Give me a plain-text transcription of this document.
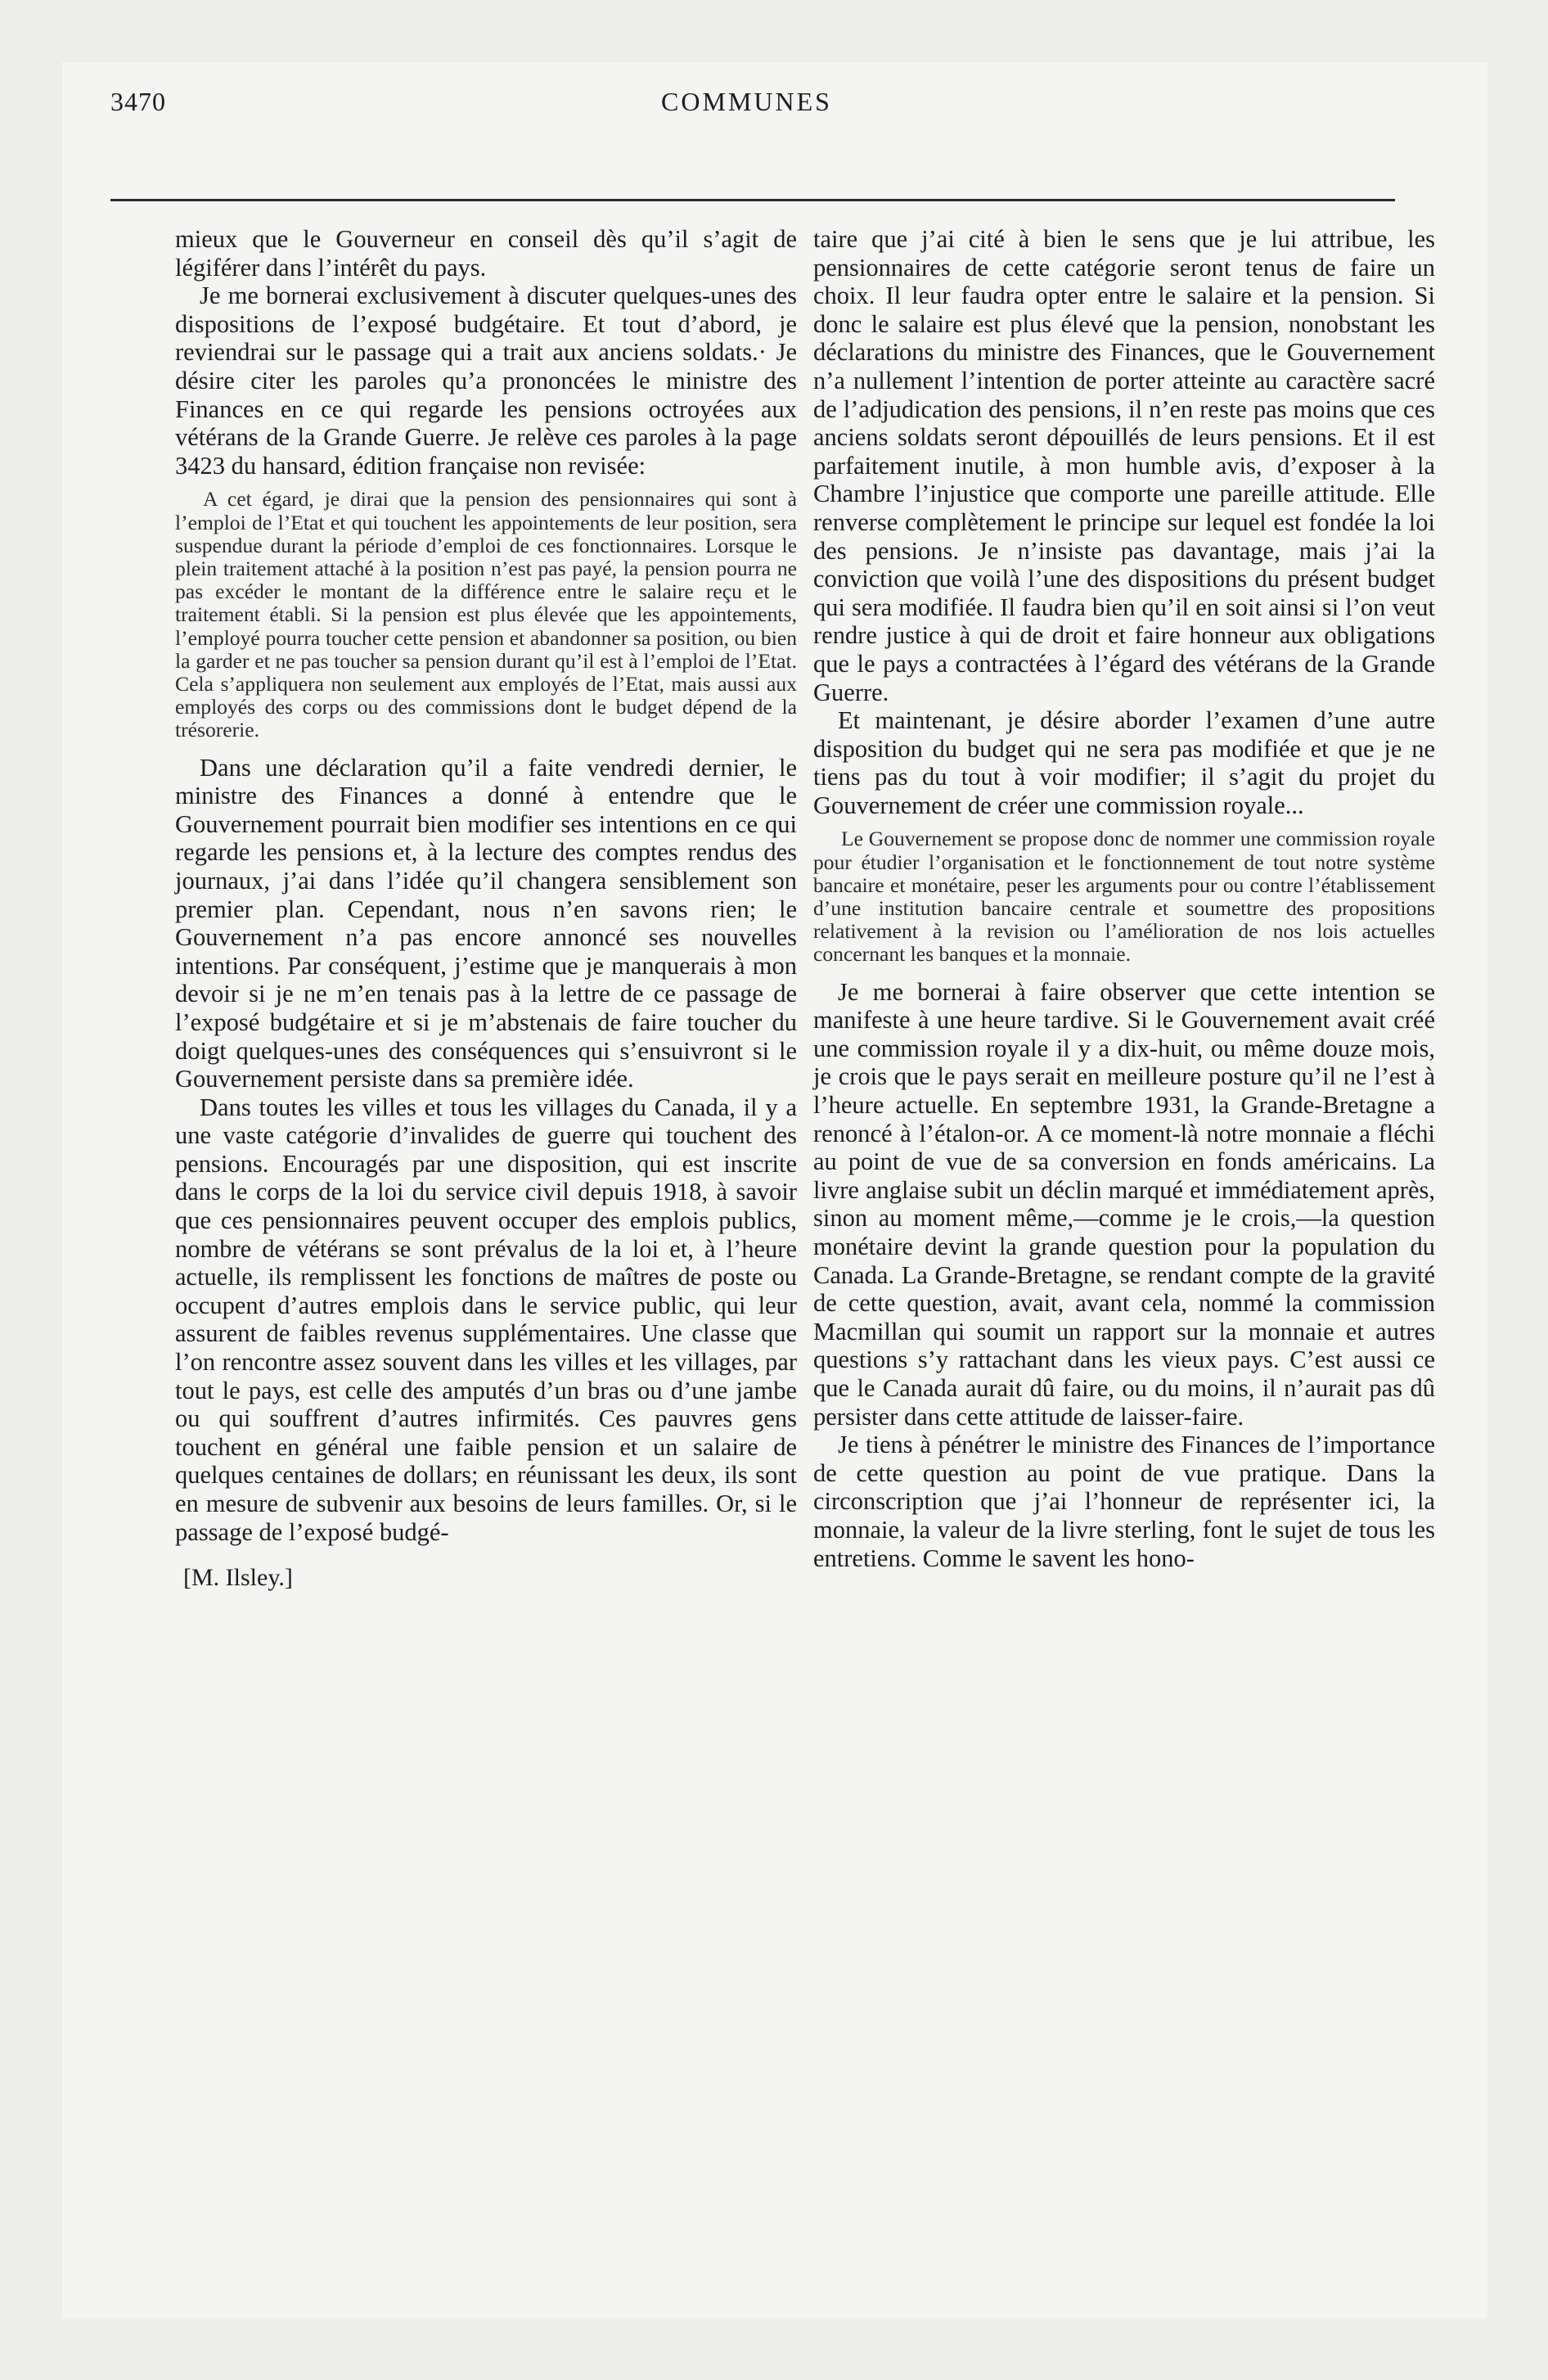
3470	COMMUNES

mieux que le Gouverneur en conseil dès qu’il s’agit de légiférer dans l’intérêt du pays.

Je me bornerai exclusivement à discuter quelques-unes des dispositions de l’exposé budgétaire. Et tout d’abord, je reviendrai sur le passage qui a trait aux anciens soldats.· Je désire citer les paroles qu’a prononcées le ministre des Finances en ce qui regarde les pensions octroyées aux vétérans de la Grande Guerre. Je relève ces paroles à la page 3423 du hansard, édition française non revisée:

A cet égard, je dirai que la pension des pensionnaires qui sont à l’emploi de l’Etat et qui touchent les appointements de leur position, sera suspendue durant la période d’emploi de ces fonctionnaires. Lorsque le plein traitement attaché à la position n’est pas payé, la pension pourra ne pas excéder le montant de la différence entre le salaire reçu et le traitement établi. Si la pension est plus élevée que les appointements, l’employé pourra toucher cette pension et abandonner sa position, ou bien la garder et ne pas toucher sa pension durant qu’il est à l’emploi de l’Etat. Cela s’appliquera non seulement aux employés de l’Etat, mais aussi aux employés des corps ou des commissions dont le budget dépend de la trésorerie.

Dans une déclaration qu’il a faite vendredi dernier, le ministre des Finances a donné à entendre que le Gouvernement pourrait bien modifier ses intentions en ce qui regarde les pensions et, à la lecture des comptes rendus des journaux, j’ai dans l’idée qu’il changera sensiblement son premier plan. Cependant, nous n’en savons rien; le Gouvernement n’a pas encore annoncé ses nouvelles intentions. Par conséquent, j’estime que je manquerais à mon devoir si je ne m’en tenais pas à la lettre de ce passage de l’exposé budgétaire et si je m’abstenais de faire toucher du doigt quelques-unes des conséquences qui s’ensuivront si le Gouvernement persiste dans sa première idée.

Dans toutes les villes et tous les villages du Canada, il y a une vaste catégorie d’invalides de guerre qui touchent des pensions. Encouragés par une disposition, qui est inscrite dans le corps de la loi du service civil depuis 1918, à savoir que ces pensionnaires peuvent occuper des emplois publics, nombre de vétérans se sont prévalus de la loi et, à l’heure actuelle, ils remplissent les fonctions de maîtres de poste ou occupent d’autres emplois dans le service public, qui leur assurent de faibles revenus supplémentaires. Une classe que l’on rencontre assez souvent dans les villes et les villages, par tout le pays, est celle des amputés d’un bras ou d’une jambe ou qui souffrent d’autres infirmités. Ces pauvres gens touchent en général une faible pension et un salaire de quelques centaines de dollars; en réunissant les deux, ils sont en mesure de subvenir aux besoins de leurs familles. Or, si le passage de l’exposé budgé-

[M. Ilsley.]

taire que j’ai cité à bien le sens que je lui attribue, les pensionnaires de cette catégorie seront tenus de faire un choix. Il leur faudra opter entre le salaire et la pension. Si donc le salaire est plus élevé que la pension, nonobstant les déclarations du ministre des Finances, que le Gouvernement n’a nullement l’intention de porter atteinte au caractère sacré de l’adjudication des pensions, il n’en reste pas moins que ces anciens soldats seront dépouillés de leurs pensions. Et il est parfaitement inutile, à mon humble avis, d’exposer à la Chambre l’injustice que comporte une pareille attitude. Elle renverse complètement le principe sur lequel est fondée la loi des pensions. Je n’insiste pas davantage, mais j’ai la conviction que voilà l’une des dispositions du présent budget qui sera modifiée. Il faudra bien qu’il en soit ainsi si l’on veut rendre justice à qui de droit et faire honneur aux obligations que le pays a contractées à l’égard des vétérans de la Grande Guerre.

Et maintenant, je désire aborder l’examen d’une autre disposition du budget qui ne sera pas modifiée et que je ne tiens pas du tout à voir modifier; il s’agit du projet du Gouvernement de créer une commission royale...

Le Gouvernement se propose donc de nommer une commission royale pour étudier l’organisation et le fonctionnement de tout notre système bancaire et monétaire, peser les arguments pour ou contre l’établissement d’une institution bancaire centrale et soumettre des propositions relativement à la revision ou l’amélioration de nos lois actuelles concernant les banques et la monnaie.

Je me bornerai à faire observer que cette intention se manifeste à une heure tardive. Si le Gouvernement avait créé une commission royale il y a dix-huit, ou même douze mois, je crois que le pays serait en meilleure posture qu’il ne l’est à l’heure actuelle. En septembre 1931, la Grande-Bretagne a renoncé à l’étalon-or. A ce moment-là notre monnaie a fléchi au point de vue de sa conversion en fonds américains. La livre anglaise subit un déclin marqué et immédiatement après, sinon au moment même,—comme je le crois,—la question monétaire devint la grande question pour la population du Canada. La Grande-Bretagne, se rendant compte de la gravité de cette question, avait, avant cela, nommé la commission Macmillan qui soumit un rapport sur la monnaie et autres questions s’y rattachant dans les vieux pays. C’est aussi ce que le Canada aurait dû faire, ou du moins, il n’aurait pas dû persister dans cette attitude de laisser-faire.

Je tiens à pénétrer le ministre des Finances de l’importance de cette question au point de vue pratique. Dans la circonscription que j’ai l’honneur de représenter ici, la monnaie, la valeur de la livre sterling, font le sujet de tous les entretiens. Comme le savent les hono-
